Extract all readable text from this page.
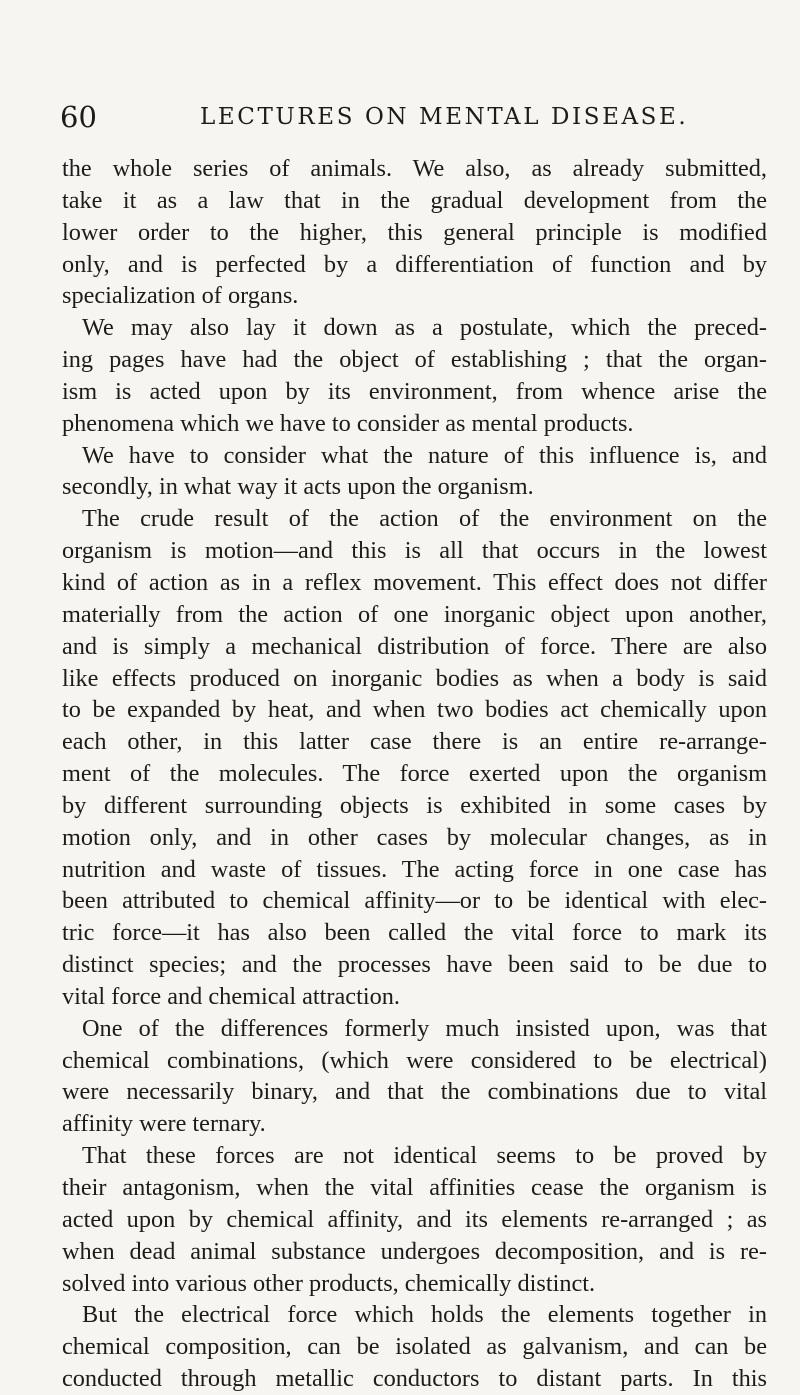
60	LECTURES ON MENTAL DISEASE.
the whole series of animals. We also, as already submitted,
take it as a law that in the gradual development from the
lower order to the higher, this general principle is modified
only, and is perfected by a differentiation of function and by
specialization of organs.
We may also lay it down as a postulate, which the preced-
ing pages have had the object of establishing ; that the organ-
ism is acted upon by its environment, from whence arise the
phenomena which we have to consider as mental products.
We have to consider what the nature of this influence is, and
secondly, in what way it acts upon the organism.
The crude result of the action of the environment on the
organism is motion—and this is all that occurs in the lowest
kind of action as in a reflex movement. This effect does not differ
materially from the action of one inorganic object upon another,
and is simply a mechanical distribution of force. There are also
like effects produced on inorganic bodies as when a body is said
to be expanded by heat, and when two bodies act chemically upon
each other, in this latter case there is an entire re-arrange-
ment of the molecules. The force exerted upon the organism
by different surrounding objects is exhibited in some cases by
motion only, and in other cases by molecular changes, as in
nutrition and waste of tissues. The acting force in one case has
been attributed to chemical affinity—or to be identical with elec-
tric force—it has also been called the vital force to mark its
distinct species; and the processes have been said to be due to
vital force and chemical attraction.
One of the differences formerly much insisted upon, was that
chemical combinations, (which were considered to be electrical)
were necessarily binary, and that the combinations due to vital
affinity were ternary.
That these forces are not identical seems to be proved by
their antagonism, when the vital affinities cease the organism is
acted upon by chemical affinity, and its elements re-arranged ; as
when dead animal substance undergoes decomposition, and is re-
solved into various other products, chemically distinct.
But the electrical force which holds the elements together in
chemical composition, can be isolated as galvanism, and can be
conducted through metallic conductors to distant parts. In this
